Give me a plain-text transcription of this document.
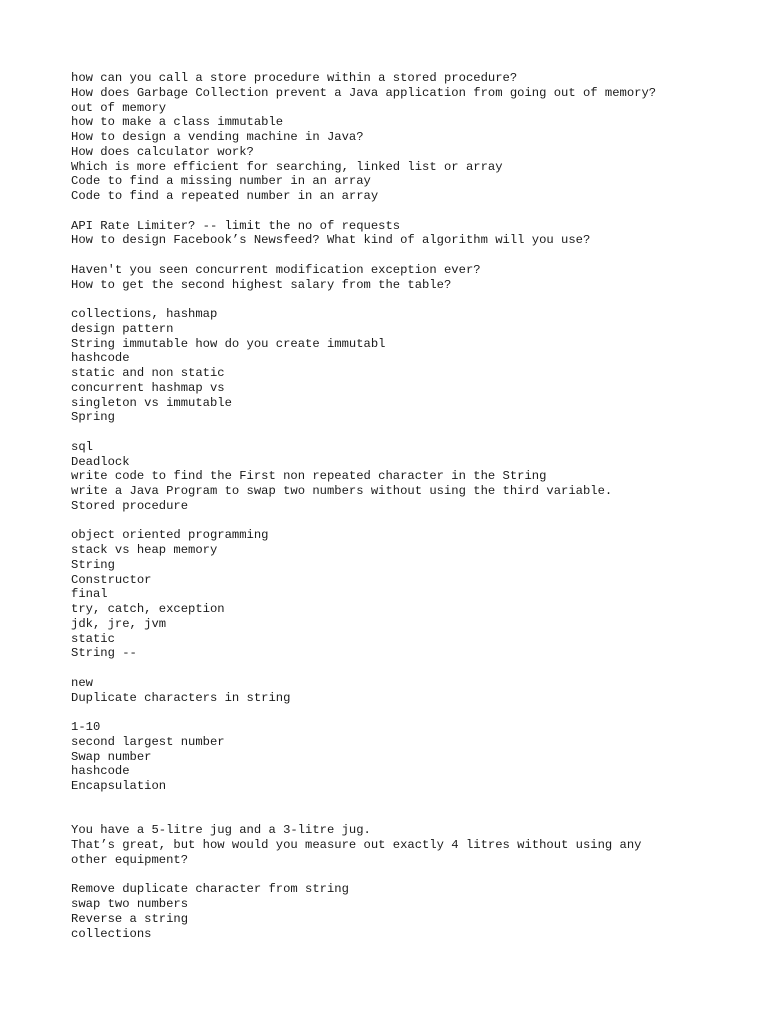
how can you call a store procedure within a stored procedure?
How does Garbage Collection prevent a Java application from going out of memory?
out of memory
how to make a class immutable
How to design a vending machine in Java?
How does calculator work?
Which is more efficient for searching, linked list or array
Code to find a missing number in an array
Code to find a repeated number in an array
API Rate Limiter? -- limit the no of requests
How to design Facebook’s Newsfeed? What kind of algorithm will you use?
Haven't you seen concurrent modification exception ever?
How to get the second highest salary from the table?
collections, hashmap
design pattern
String immutable how do you create immutabl
hashcode
static and non static
concurrent hashmap vs
singleton vs immutable
Spring
sql
Deadlock
write code to find the First non repeated character in the String
write a Java Program to swap two numbers without using the third variable.
Stored procedure
object oriented programming
stack vs heap memory
String
Constructor
final
try, catch, exception
jdk, jre, jvm
static
String --
new
Duplicate characters in string
1-10
second largest number
Swap number
hashcode
Encapsulation
You have a 5-litre jug and a 3-litre jug.
That’s great, but how would you measure out exactly 4 litres without using any
other equipment?
Remove duplicate character from string
swap two numbers
Reverse a string
collections
